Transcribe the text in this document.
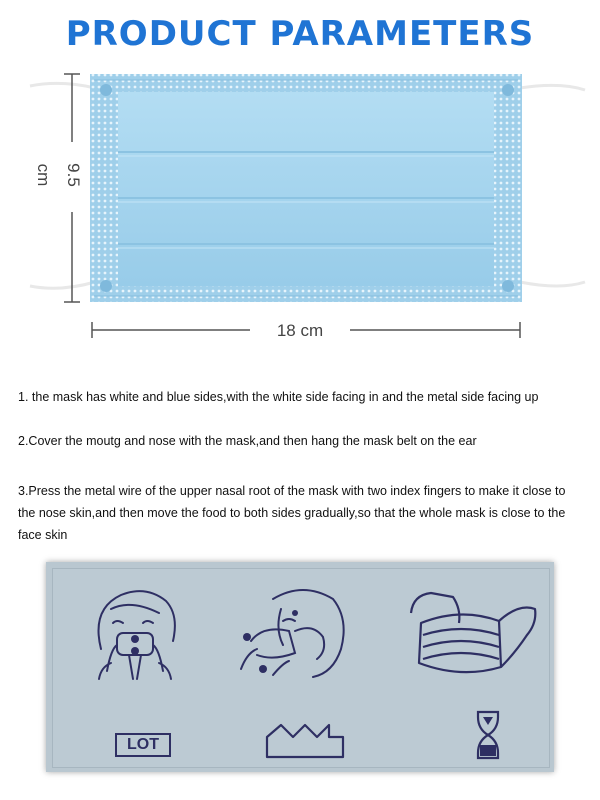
PRODUCT PARAMETERS
9.5 cm
18 cm
1. the mask has white and blue sides,with the white side facing in and the metal side facing up
2.Cover the moutg and nose with the mask,and then hang the mask belt on the ear
3.Press the metal wire of the upper nasal root of the mask with two index fingers to make it close to the nose skin,and then move the food to both sides gradually,so that the whole mask is close to the face skin
LOT
